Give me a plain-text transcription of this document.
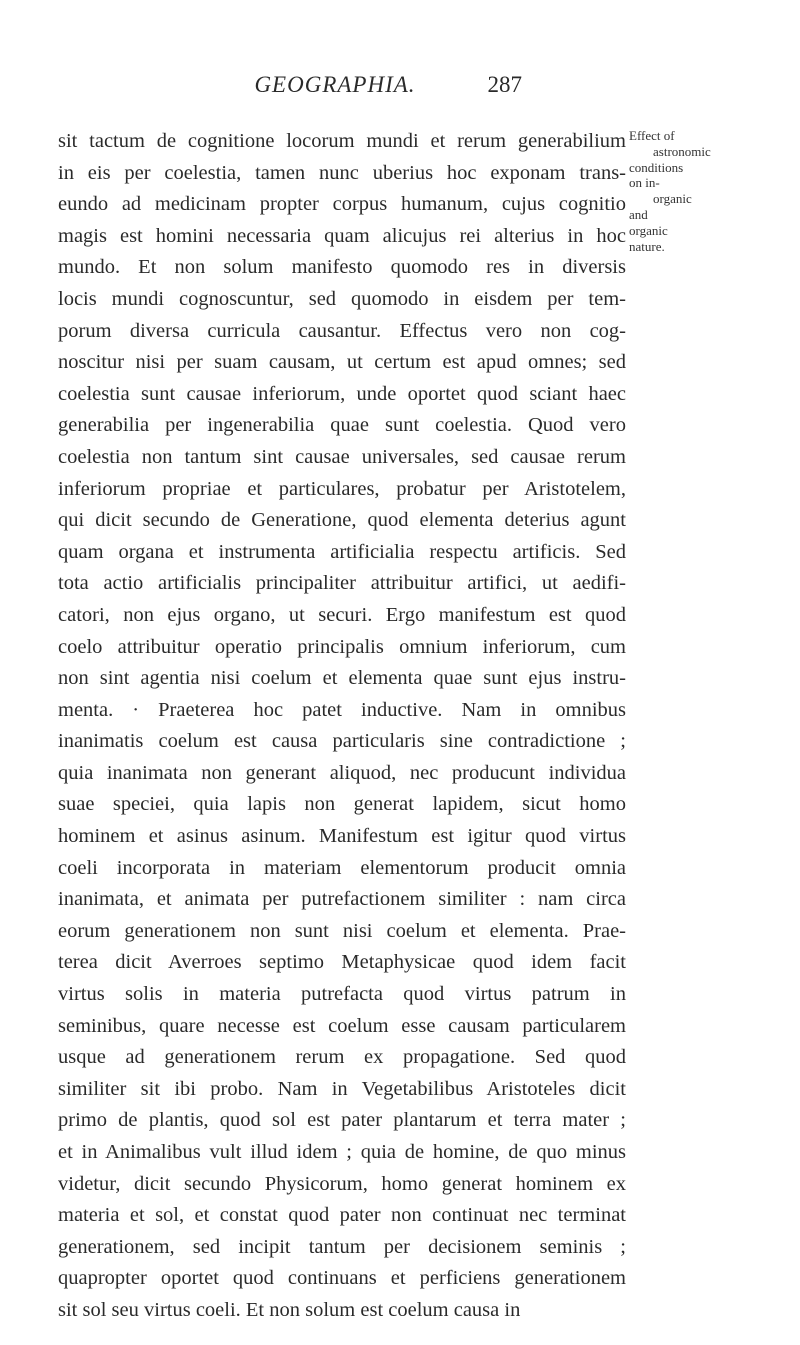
GEOGRAPHIA.	287
sit tactum de cognitione locorum mundi et rerum generabilium
in eis per coelestia, tamen nunc uberius hoc exponam trans-
eundo ad medicinam propter corpus humanum, cujus cognitio
magis est homini necessaria quam alicujus rei alterius in hoc
mundo. Et non solum manifesto quomodo res in diversis
locis mundi cognoscuntur, sed quomodo in eisdem per tem-
porum diversa curricula causantur. Effectus vero non cog-
noscitur nisi per suam causam, ut certum est apud omnes; sed
coelestia sunt causae inferiorum, unde oportet quod sciant haec
generabilia per ingenerabilia quae sunt coelestia. Quod vero
coelestia non tantum sint causae universales, sed causae rerum
inferiorum propriae et particulares, probatur per Aristotelem,
qui dicit secundo de Generatione, quod elementa deterius agunt
quam organa et instrumenta artificialia respectu artificis. Sed
tota actio artificialis principaliter attribuitur artifici, ut aedifi-
catori, non ejus organo, ut securi. Ergo manifestum est quod
coelo attribuitur operatio principalis omnium inferiorum, cum
non sint agentia nisi coelum et elementa quae sunt ejus instru-
menta. · Praeterea hoc patet inductive. Nam in omnibus
inanimatis coelum est causa particularis sine contradictione ;
quia inanimata non generant aliquod, nec producunt individua
suae speciei, quia lapis non generat lapidem, sicut homo
hominem et asinus asinum. Manifestum est igitur quod virtus
coeli incorporata in materiam elementorum producit omnia
inanimata, et animata per putrefactionem similiter : nam circa
eorum generationem non sunt nisi coelum et elementa. Prae-
terea dicit Averroes septimo Metaphysicae quod idem facit
virtus solis in materia putrefacta quod virtus patrum in
seminibus, quare necesse est coelum esse causam particularem
usque ad generationem rerum ex propagatione. Sed quod
similiter sit ibi probo. Nam in Vegetabilibus Aristoteles dicit
primo de plantis, quod sol est pater plantarum et terra mater ;
et in Animalibus vult illud idem ; quia de homine, de quo minus
videtur, dicit secundo Physicorum, homo generat hominem ex
materia et sol, et constat quod pater non continuat nec terminat
generationem, sed incipit tantum per decisionem seminis ;
quapropter oportet quod continuans et perficiens generationem
sit sol seu virtus coeli. Et non solum est coelum causa in
Effect of
astronomic
conditions
on in-
organic
and
organic
nature.
